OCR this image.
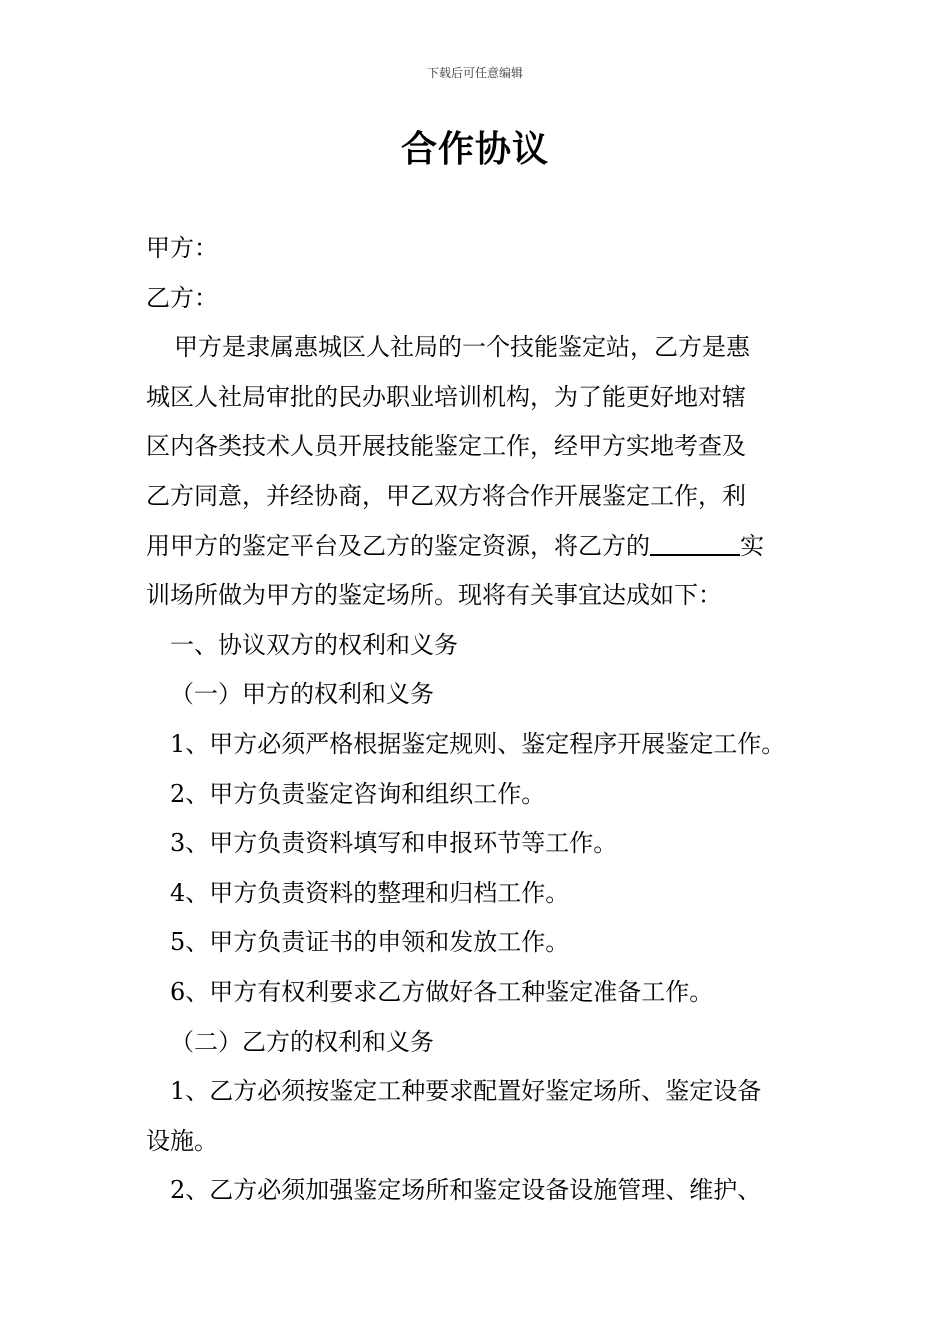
下载后可任意编辑
合作协议
甲方：
乙方：
甲方是隶属惠城区人社局的一个技能鉴定站，乙方是惠
城区人社局审批的民办职业培训机构，为了能更好地对辖
区内各类技术人员开展技能鉴定工作，经甲方实地考查及
乙方同意，并经协商，甲乙双方将合作开展鉴定工作，利
用甲方的鉴定平台及乙方的鉴定资源，将乙方的	实
训场所做为甲方的鉴定场所。现将有关事宜达成如下：
一、协议双方的权利和义务
（一）甲方的权利和义务
1、甲方必须严格根据鉴定规则、鉴定程序开展鉴定工作。
2、甲方负责鉴定咨询和组织工作。
3、甲方负责资料填写和申报环节等工作。
4、甲方负责资料的整理和归档工作。
5、甲方负责证书的申领和发放工作。
6、甲方有权利要求乙方做好各工种鉴定准备工作。
（二）乙方的权利和义务
1、乙方必须按鉴定工种要求配置好鉴定场所、鉴定设备
设施。
2、乙方必须加强鉴定场所和鉴定设备设施管理、维护、
